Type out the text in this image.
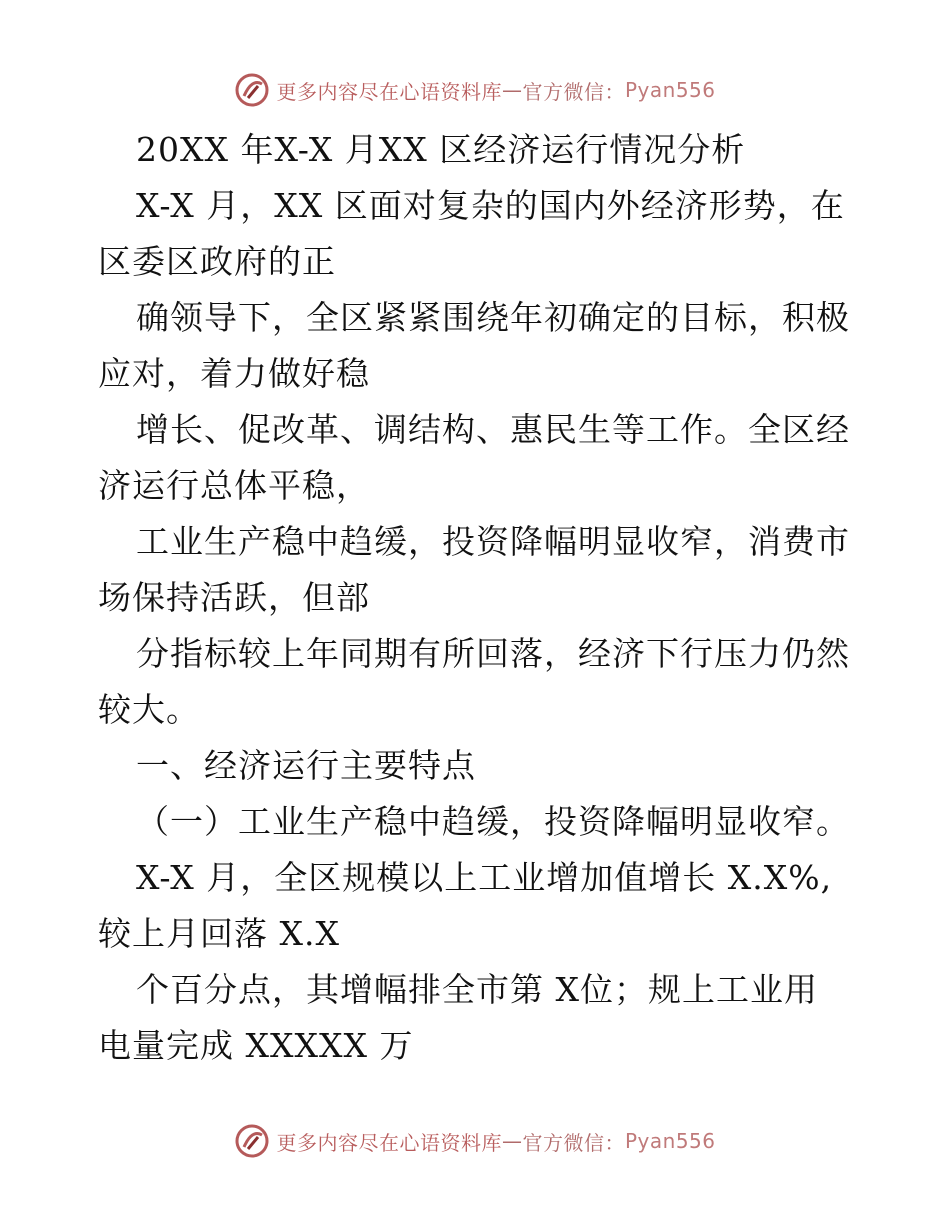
更多内容尽在心语资料库 — 官方微信： Pyan556

20XX 年X-X 月XX 区经济运行情况分析

X-X 月，XX 区面对复杂的国内外经济形势，在

区委区政府的正

确领导下，全区紧紧围绕年初确定的目标，积极

应对，着力做好稳

增长、促改革、调结构、惠民生等工作。全区经

济运行总体平稳，

工业生产稳中趋缓，投资降幅明显收窄，消费市

场保持活跃，但部

分指标较上年同期有所回落，经济下行压力仍然

较大。

一、经济运行主要特点

（一）工业生产稳中趋缓，投资降幅明显收窄。

X-X 月，全区规模以上工业增加值增长 X.X%,

较上月回落 X.X

个百分点，其增幅排全市第 X位；规上工业用

电量完成 XXXXX 万

更多内容尽在心语资料库 — 官方微信： Pyan556
